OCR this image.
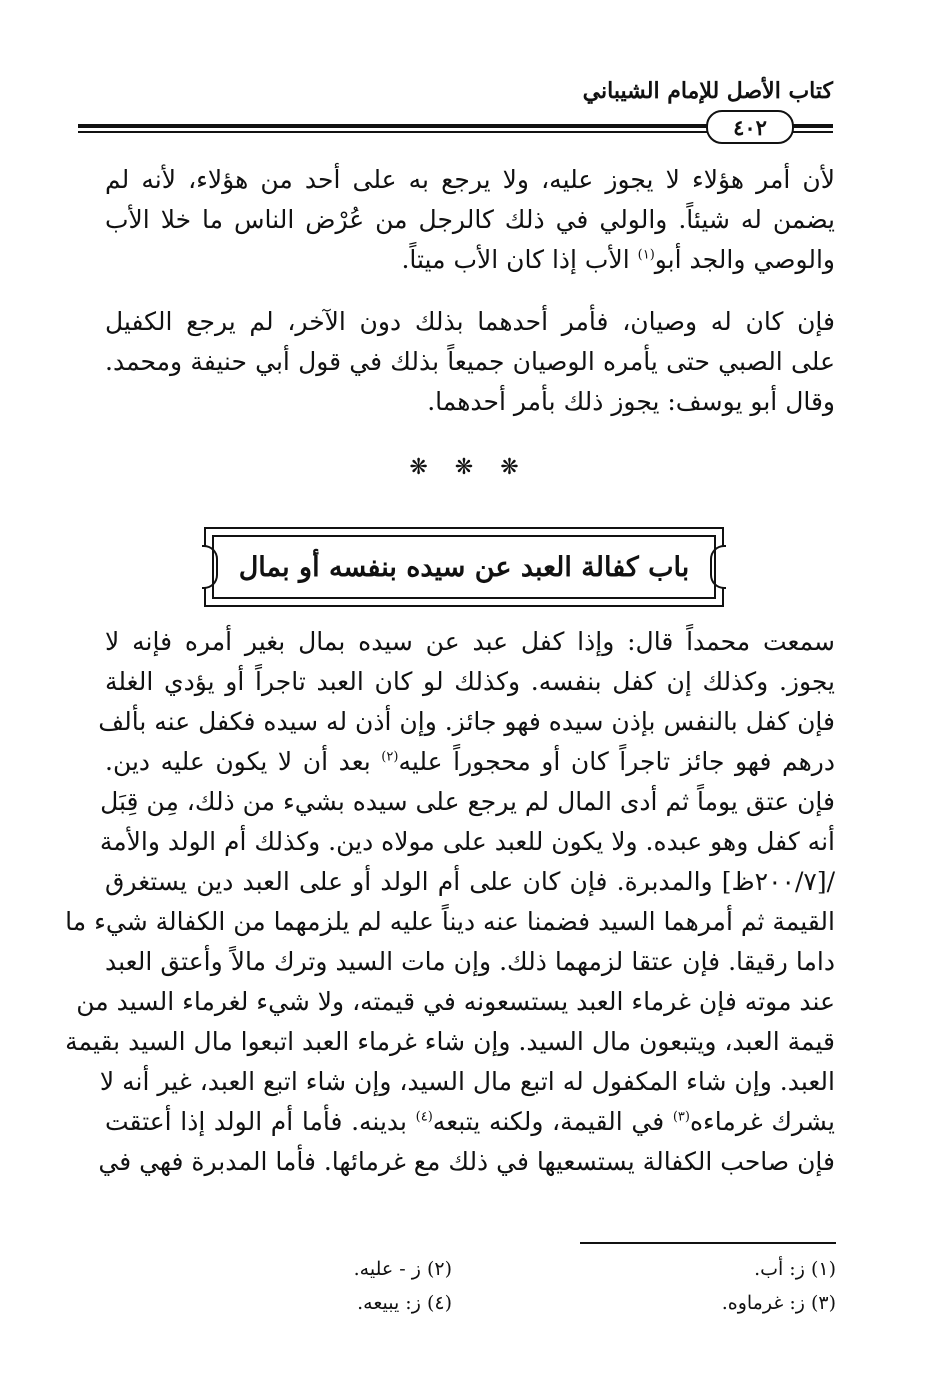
كتاب الأصل للإمام الشيباني
٤٠٢

لأن أمر هؤلاء لا يجوز عليه، ولا يرجع به على أحد من هؤلاء، لأنه لم
يضمن له شيئاً. والولي في ذلك كالرجل من عُرْض الناس ما خلا الأب
والوصي والجد أبو$^{(١)}$ الأب إذا كان الأب ميتاً.

فإن كان له وصيان، فأمر أحدهما بذلك دون الآخر، لم يرجع الكفيل
على الصبي حتى يأمره الوصيان جميعاً بذلك في قول أبي حنيفة ومحمد.
وقال أبو يوسف: يجوز ذلك بأمر أحدهما.

❋ ❋ ❋
باب كفالة العبد عن سيده بنفسه أو بمال

سمعت محمداً قال: وإذا كفل عبد عن سيده بمال بغير أمره فإنه لا
يجوز. وكذلك إن كفل بنفسه. وكذلك لو كان العبد تاجراً أو يؤدي الغلة
فإن كفل بالنفس بإذن سيده فهو جائز. وإن أذن له سيده فكفل عنه بألف
درهم فهو جائز تاجراً كان أو محجوراً عليه$^{(٢)}$ بعد أن لا يكون عليه دين.
فإن عتق يوماً ثم أدى المال لم يرجع على سيده بشيء من ذلك، مِن قِبَل
أنه كفل وهو عبده. ولا يكون للعبد على مولاه دين. وكذلك أم الولد والأمة
/[٢٠٠/٧ظ] والمدبرة. فإن كان على أم الولد أو على العبد دين يستغرق
القيمة ثم أمرهما السيد فضمنا عنه ديناً عليه لم يلزمهما من الكفالة شيء ما
داما رقيقا. فإن عتقا لزمهما ذلك. وإن مات السيد وترك مالاً وأعتق العبد
عند موته فإن غرماء العبد يستسعونه في قيمته، ولا شيء لغرماء السيد من
قيمة العبد، ويتبعون مال السيد. وإن شاء غرماء العبد اتبعوا مال السيد بقيمة
العبد. وإن شاء المكفول له اتبع مال السيد، وإن شاء اتبع العبد، غير أنه لا
يشرك غرماءه$^{(٣)}$ في القيمة، ولكنه يتبعه$^{(٤)}$ بدينه. فأما أم الولد إذا أعتقت
فإن صاحب الكفالة يستسعيها في ذلك مع غرمائها. فأما المدبرة فهي في

(١) ز: أب.
(٢) ز - عليه.
(٣) ز: غرماوه.
(٤) ز: يبيعه.
